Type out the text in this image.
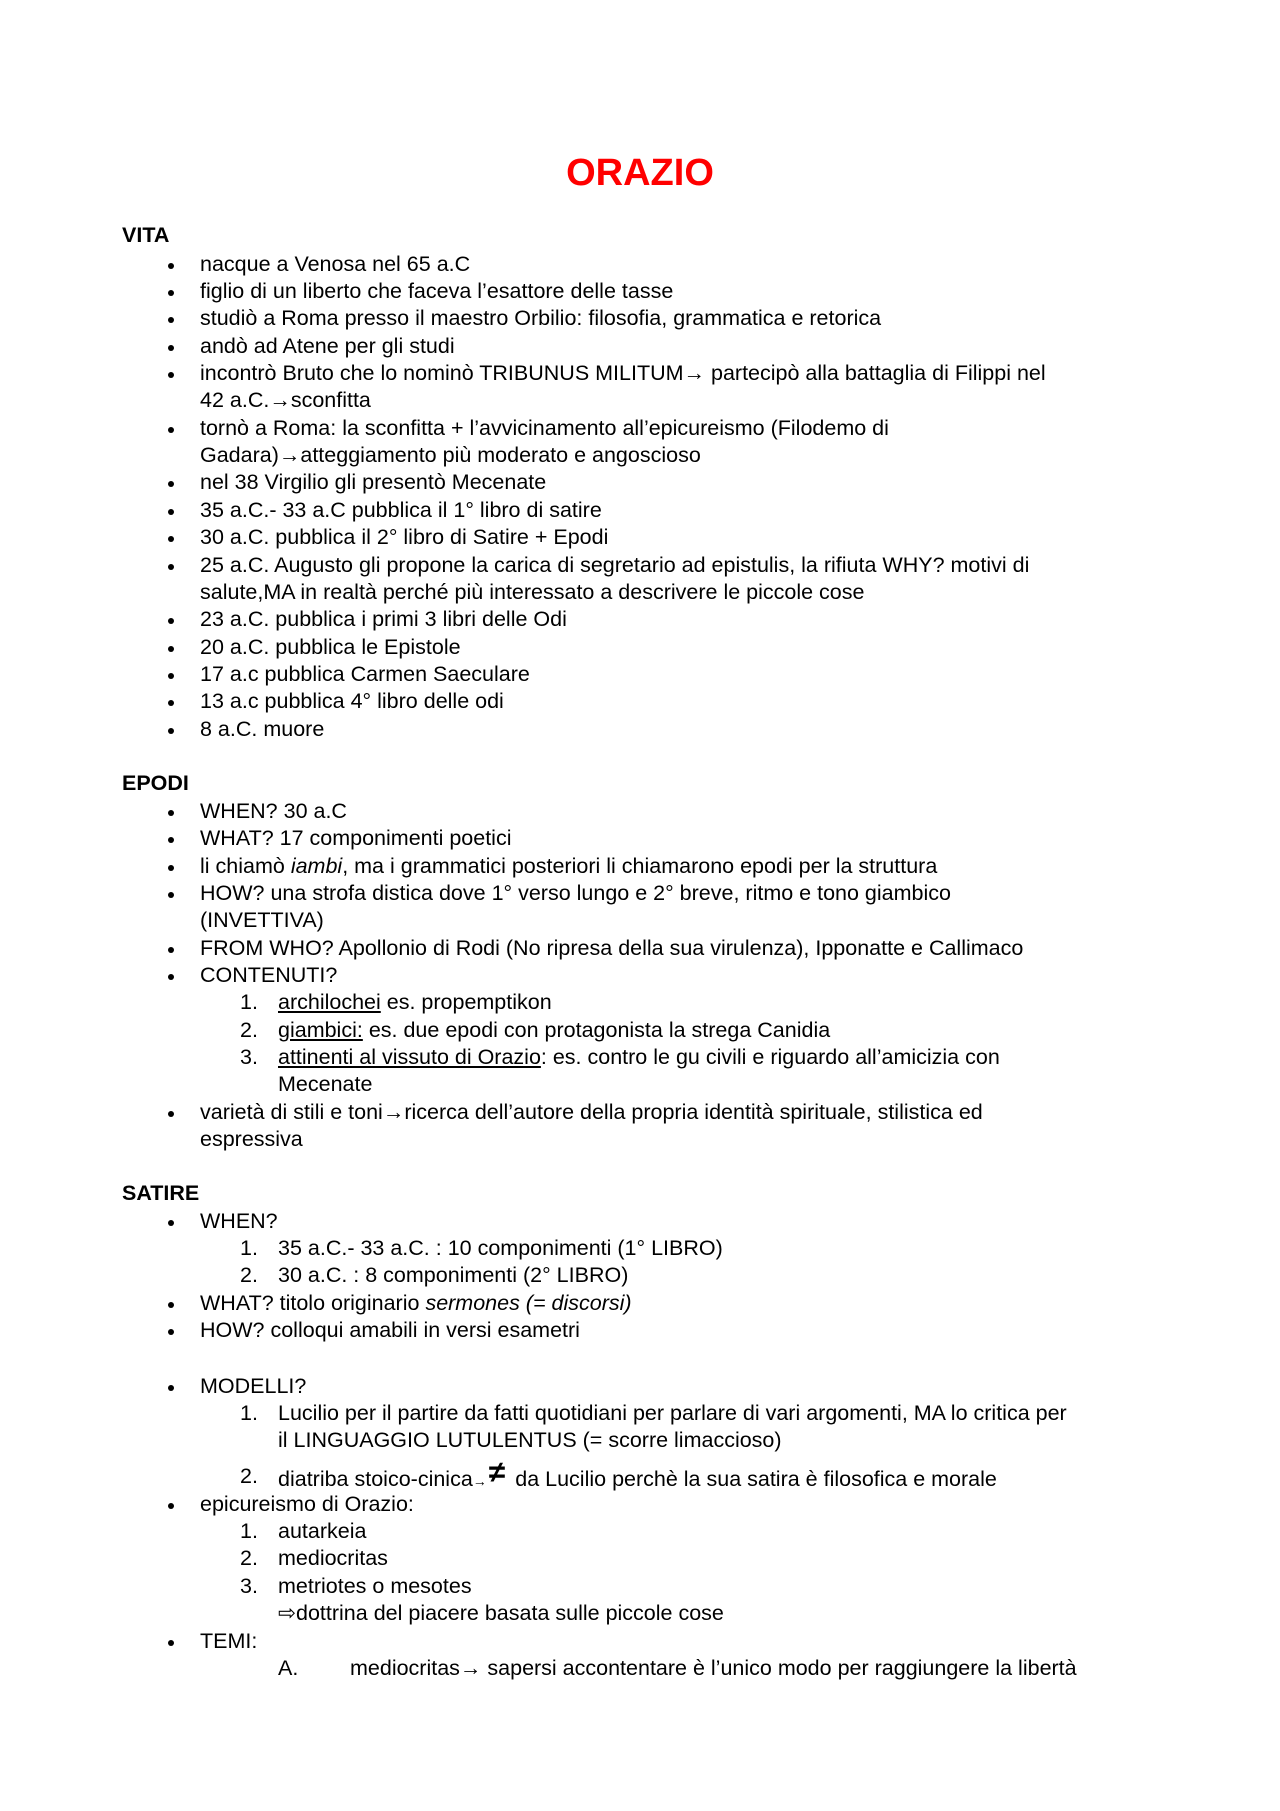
ORAZIO
VITA
nacque a Venosa nel 65 a.C
figlio di un liberto che faceva l’esattore delle tasse
studiò a Roma presso il maestro Orbilio: filosofia, grammatica e retorica
andò ad Atene per gli studi
incontrò Bruto che lo nominò TRIBUNUS MILITUM→ partecipò alla battaglia di Filippi nel
42 a.C.→sconfitta
tornò a Roma: la sconfitta + l’avvicinamento all’epicureismo (Filodemo di
Gadara)→atteggiamento più moderato e angoscioso
nel 38 Virgilio gli presentò Mecenate
35 a.C.- 33 a.C pubblica il 1° libro di satire
30 a.C. pubblica il 2° libro di Satire + Epodi
25 a.C. Augusto gli propone la carica di segretario ad epistulis, la rifiuta WHY? motivi di
salute,MA in realtà perché più interessato a descrivere le piccole cose
23 a.C. pubblica i primi 3 libri delle Odi
20 a.C. pubblica le Epistole
17 a.c pubblica Carmen Saeculare
13 a.c pubblica 4° libro delle odi
8 a.C. muore
EPODI
WHEN? 30 a.C
WHAT? 17 componimenti poetici
li chiamò iambi, ma i grammatici posteriori li chiamarono epodi per la struttura
HOW? una strofa distica dove 1° verso lungo e 2° breve, ritmo e tono giambico
(INVETTIVA)
FROM WHO? Apollonio di Rodi (No ripresa della sua virulenza), Ipponatte e Callimaco
CONTENUTI?
1. archilochei es. propemptikon
2. giambici: es. due epodi con protagonista la strega Canidia
3. attinenti al vissuto di Orazio: es. contro le gu civili e riguardo all’amicizia con
Mecenate
varietà di stili e toni→ricerca dell’autore della propria identità spirituale, stilistica ed
espressiva
SATIRE
WHEN?
1. 35 a.C.- 33 a.C. : 10 componimenti (1° LIBRO)
2. 30 a.C. : 8 componimenti (2° LIBRO)
WHAT? titolo originario sermones (= discorsi)
HOW? colloqui amabili in versi esametri
MODELLI?
1. Lucilio per il partire da fatti quotidiani per parlare di vari argomenti, MA lo critica per
il LINGUAGGIO LUTULENTUS (= scorre limaccioso)
2. diatriba stoico-cinica→≠ da Lucilio perchè la sua satira è filosofica e morale
epicureismo di Orazio:
1. autarkeia
2. mediocritas
3. metriotes o mesotes
⇨dottrina del piacere basata sulle piccole cose
TEMI:
A. mediocritas→ sapersi accontentare è l’unico modo per raggiungere la libertà
